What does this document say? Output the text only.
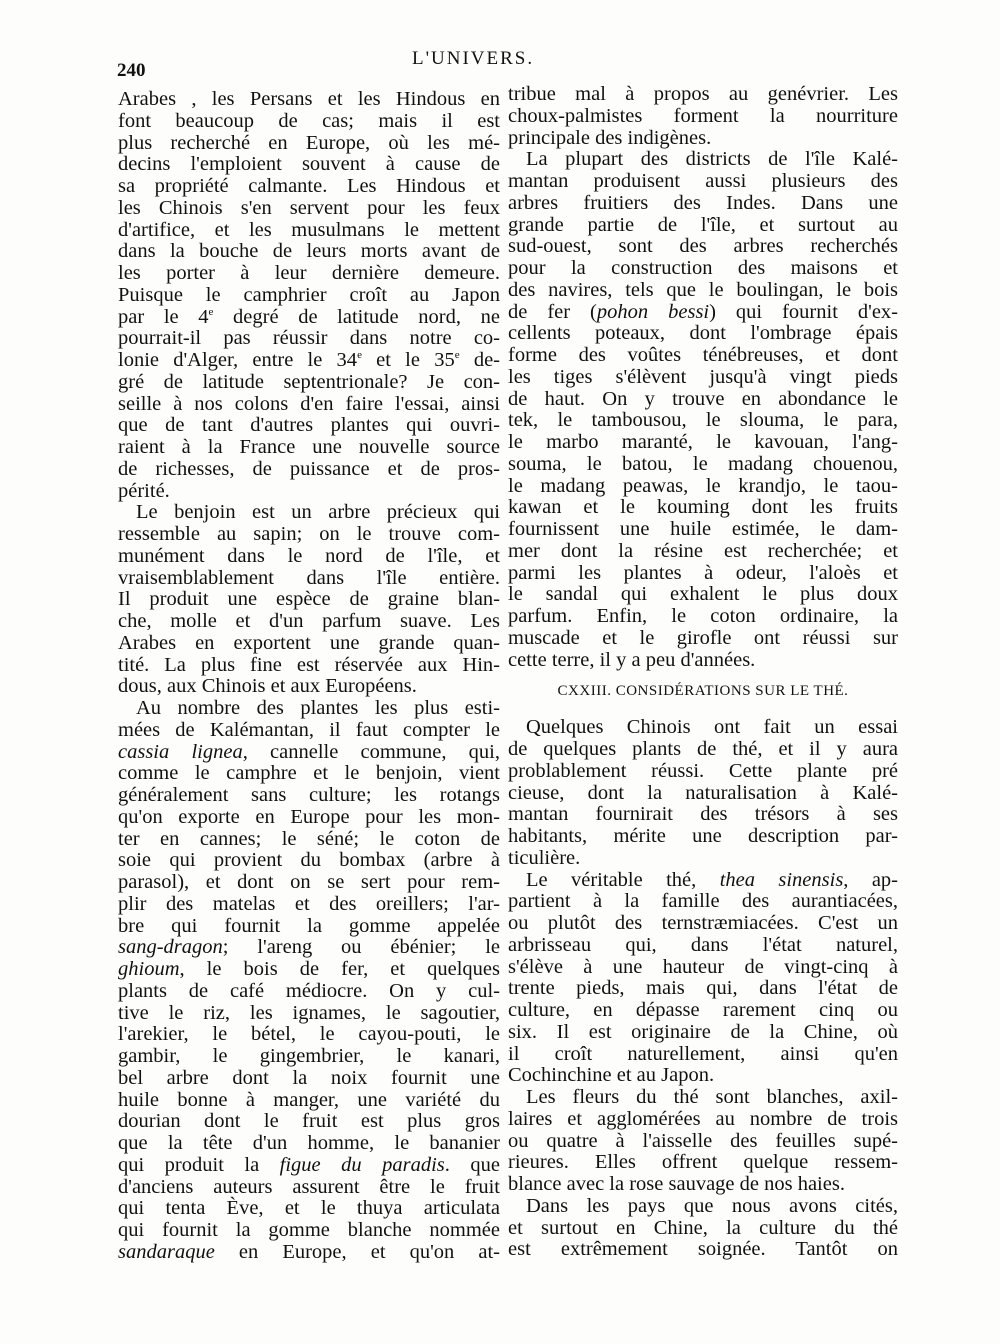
240
L'UNIVERS.
Arabes , les Persans et les Hindous en
font beaucoup de cas; mais il est
plus recherché en Europe, où les mé-
decins l'emploient souvent à cause de
sa propriété calmante. Les Hindous et
les Chinois s'en servent pour les feux
d'artifice, et les musulmans le mettent
dans la bouche de leurs morts avant de
les porter à leur dernière demeure.
Puisque le camphrier croît au Japon
par le 4e degré de latitude nord, ne
pourrait-il pas réussir dans notre co-
lonie d'Alger, entre le 34e et le 35e de-
gré de latitude septentrionale? Je con-
seille à nos colons d'en faire l'essai, ainsi
que de tant d'autres plantes qui ouvri-
raient à la France une nouvelle source
de richesses, de puissance et de pros-
périté.
Le benjoin est un arbre précieux qui
ressemble au sapin; on le trouve com-
munément dans le nord de l'île, et
vraisemblablement dans l'île entière.
Il produit une espèce de graine blan-
che, molle et d'un parfum suave. Les
Arabes en exportent une grande quan-
tité. La plus fine est réservée aux Hin-
dous, aux Chinois et aux Européens.
Au nombre des plantes les plus esti-
mées de Kalémantan, il faut compter le
cassia lignea, cannelle commune, qui,
comme le camphre et le benjoin, vient
généralement sans culture; les rotangs
qu'on exporte en Europe pour les mon-
ter en cannes; le séné; le coton de
soie qui provient du bombax (arbre à
parasol), et dont on se sert pour rem-
plir des matelas et des oreillers; l'ar-
bre qui fournit la gomme appelée
sang-dragon; l'areng ou ébénier; le
ghioum, le bois de fer, et quelques
plants de café médiocre. On y cul-
tive le riz, les ignames, le sagoutier,
l'arekier, le bétel, le cayou-pouti, le
gambir, le gingembrier, le kanari,
bel arbre dont la noix fournit une
huile bonne à manger, une variété du
dourian dont le fruit est plus gros
que la tête d'un homme, le bananier
qui produit la figue du paradis. que
d'anciens auteurs assurent être le fruit
qui tenta Ève, et le thuya articulata
qui fournit la gomme blanche nommée
sandaraque en Europe, et qu'on at-
tribue mal à propos au genévrier. Les
choux-palmistes forment la nourriture
principale des indigènes.
La plupart des districts de l'île Kalé-
mantan produisent aussi plusieurs des
arbres fruitiers des Indes. Dans une
grande partie de l'île, et surtout au
sud-ouest, sont des arbres recherchés
pour la construction des maisons et
des navires, tels que le boulingan, le bois
de fer (pohon bessi) qui fournit d'ex-
cellents poteaux, dont l'ombrage épais
forme des voûtes ténébreuses, et dont
les tiges s'élèvent jusqu'à vingt pieds
de haut. On y trouve en abondance le
tek, le tambousou, le slouma, le para,
le marbo maranté, le kavouan, l'ang-
souma, le batou, le madang chouenou,
le madang peawas, le krandjo, le taou-
kawan et le kouming dont les fruits
fournissent une huile estimée, le dam-
mer dont la résine est recherchée; et
parmi les plantes à odeur, l'aloès et
le sandal qui exhalent le plus doux
parfum. Enfin, le coton ordinaire, la
muscade et le girofle ont réussi sur
cette terre, il y a peu d'années.
CXXIII. CONSIDÉRATIONS SUR LE THÉ.
Quelques Chinois ont fait un essai
de quelques plants de thé, et il y aura
problablement réussi. Cette plante pré
cieuse, dont la naturalisation à Kalé-
mantan fournirait des trésors à ses
habitants, mérite une description par-
ticulière.
Le véritable thé, thea sinensis, ap-
partient à la famille des aurantiacées,
ou plutôt des ternstræmiacées. C'est un
arbrisseau qui, dans l'état naturel,
s'élève à une hauteur de vingt-cinq à
trente pieds, mais qui, dans l'état de
culture, en dépasse rarement cinq ou
six. Il est originaire de la Chine, où
il croît naturellement, ainsi qu'en
Cochinchine et au Japon.
Les fleurs du thé sont blanches, axil-
laires et agglomérées au nombre de trois
ou quatre à l'aisselle des feuilles supé-
rieures. Elles offrent quelque ressem-
blance avec la rose sauvage de nos haies.
Dans les pays que nous avons cités,
et surtout en Chine, la culture du thé
est extrêmement soignée. Tantôt on
